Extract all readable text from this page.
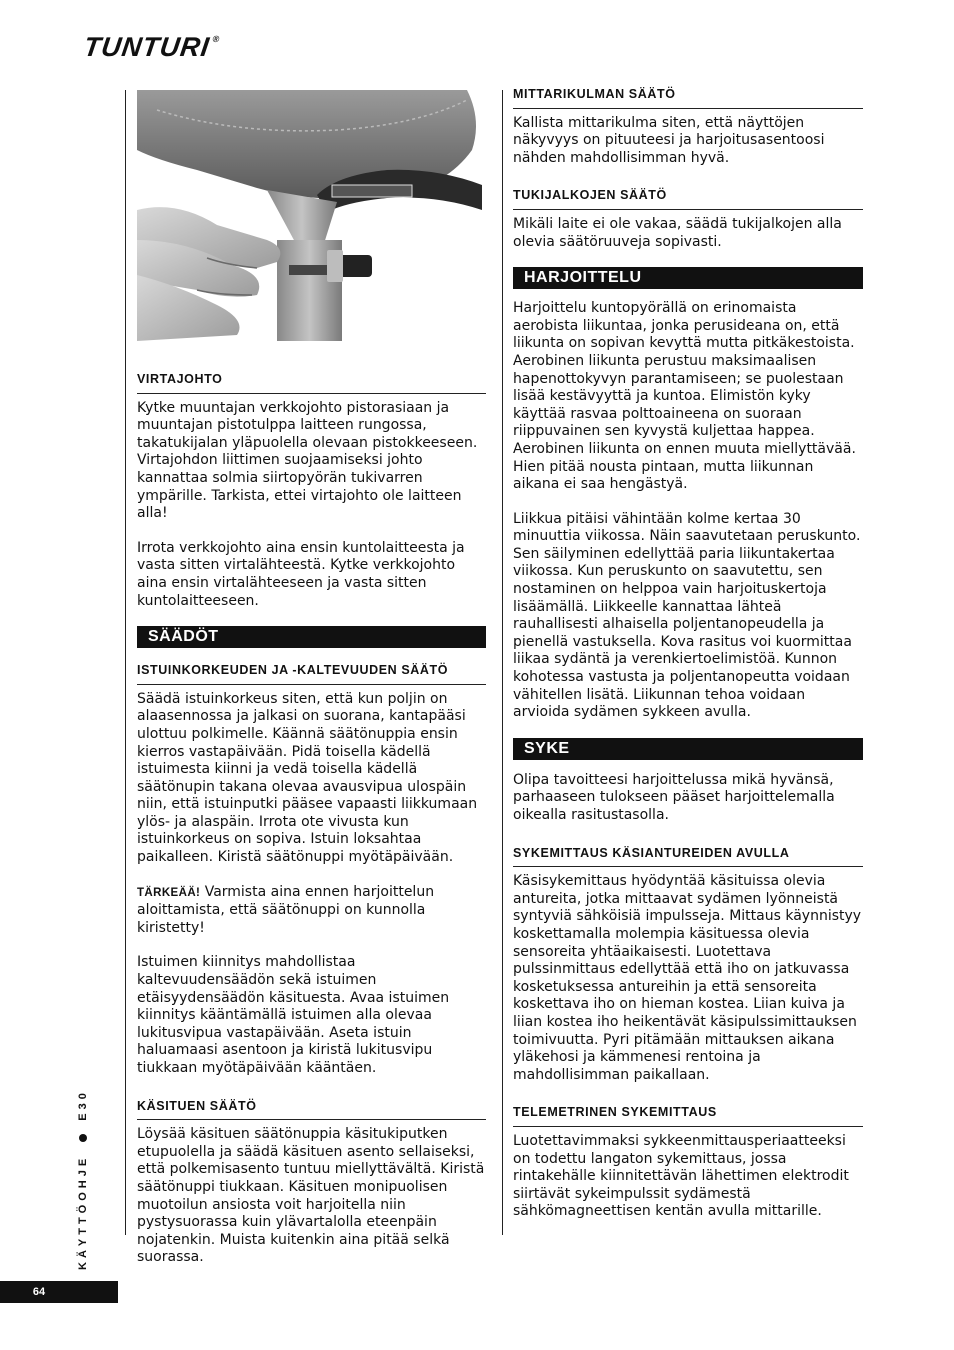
TUNTURI®
VIRTAJOHTO

Kytke muuntajan verkkojohto pistorasiaan ja muuntajan pistotulppa laitteen rungossa, takatukijalan yläpuolella olevaan pistokkeeseen. Virtajohdon liittimen suojaamiseksi johto kannattaa solmia siirtopyörän tukivarren ympärille. Tarkista, ettei virtajohto ole laitteen alla!

Irrota verkkojohto aina ensin kuntolaitteesta ja vasta sitten virtalähteestä. Kytke verkkojohto aina ensin virtalähteeseen ja vasta sitten kuntolaitteeseen.

SÄÄDÖT
ISTUINKORKEUDEN JA -KALTEVUUDEN SÄÄTÖ

Säädä istuinkorkeus siten, että kun poljin on alaasennossa ja jalkasi on suorana, kantapääsi ulottuu polkimelle. Käännä säätönuppia ensin kierros vastapäivään. Pidä toisella kädellä istuimesta kiinni ja vedä toisella kädellä säätönupin takana olevaa avausvipua ulospäin niin, että istuinputki pääsee vapaasti liikkumaan ylös- ja alaspäin. Irrota ote vivusta kun istuinkorkeus on sopiva. Istuin loksahtaa paikalleen. Kiristä säätönuppi myötäpäivään.

TÄRKEÄÄ! Varmista aina ennen harjoittelun aloittamista, että säätönuppi on kunnolla kiristetty!

Istuimen kiinnitys mahdollistaa kaltevuudensäädön sekä istuimen etäisyydensäädön käsituesta. Avaa istuimen kiinnitys kääntämällä istuimen alla olevaa lukitusvipua vastapäivään. Aseta istuin haluamaasi asentoon ja kiristä lukitusvipu tiukkaan myötäpäivään kääntäen.

KÄSITUEN SÄÄTÖ

Löysää käsituen säätönuppia käsitukiputken etupuolella ja säädä käsituen asento sellaiseksi, että polkemisasento tuntuu miellyttävältä. Kiristä säätönuppi tiukkaan. Käsituen monipuolisen muotoilun ansiosta voit harjoitella niin pystysuorassa kuin ylävartalolla eteenpäin nojatenkin. Muista kuitenkin aina pitää selkä suorassa.

MITTARIKULMAN SÄÄTÖ

Kallista mittarikulma siten, että näyttöjen näkyvyys on pituuteesi ja harjoitusasentoosi nähden mahdollisimman hyvä.

TUKIJALKOJEN SÄÄTÖ

Mikäli laite ei ole vakaa, säädä tukijalkojen alla olevia säätöruuveja sopivasti.

HARJOITTELU

Harjoittelu kuntopyörällä on erinomaista aerobista liikuntaa, jonka perusideana on, että liikunta on sopivan kevyttä mutta pitkäkestoista. Aerobinen liikunta perustuu maksimaalisen hapenottokyvyn parantamiseen; se puolestaan lisää kestävyyttä ja kuntoa. Elimistön kyky käyttää rasvaa polttoaineena on suoraan riippuvainen sen kyvystä kuljettaa happea. Aerobinen liikunta on ennen muuta miellyttävää. Hien pitää nousta pintaan, mutta liikunnan aikana ei saa hengästyä.

Liikkua pitäisi vähintään kolme kertaa 30 minuuttia viikossa. Näin saavutetaan peruskunto. Sen säilyminen edellyttää paria liikuntakertaa viikossa. Kun peruskunto on saavutettu, sen nostaminen on helppoa vain harjoituskertoja lisäämällä. Liikkeelle kannattaa lähteä rauhallisesti alhaisella poljentanopeudella ja pienellä vastuksella. Kova rasitus voi kuormittaa liikaa sydäntä ja verenkiertoelimistöä. Kunnon kohotessa vastusta ja poljentanopeutta voidaan vähitellen lisätä. Liikunnan tehoa voidaan arvioida sydämen sykkeen avulla.

SYKE

Olipa tavoitteesi harjoittelussa mikä hyvänsä, parhaaseen tulokseen pääset harjoittelemalla oikealla rasitustasolla.

SYKEMITTAUS KÄSIANTUREIDEN AVULLA

Käsisykemittaus hyödyntää käsituissa olevia antureita, jotka mittaavat sydämen lyönneistä syntyviä sähköisiä impulsseja. Mittaus käynnistyy koskettamalla molempia käsituessa olevia sensoreita yhtäaikaisesti. Luotettava pulssinmittaus edellyttää että iho on jatkuvassa kosketuksessa antureihin ja että sensoreita koskettava iho on hieman kostea. Liian kuiva ja liian kostea iho heikentävät käsipulssimittauksen toimivuutta. Pyri pitämään mittauksen aikana yläkehosi ja kämmenesi rentoina ja mahdollisimman paikallaan.

TELEMETRINEN SYKEMITTAUS

Luotettavimmaksi sykkeenmittausperiaatteeksi on todettu langaton sykemittaus, jossa rintakehälle kiinnitettävän lähettimen elektrodit siirtävät sykeimpulssit sydämestä sähkömagneettisen kentän avulla mittarille.

KÄYTTÖOHJE  E30
64
